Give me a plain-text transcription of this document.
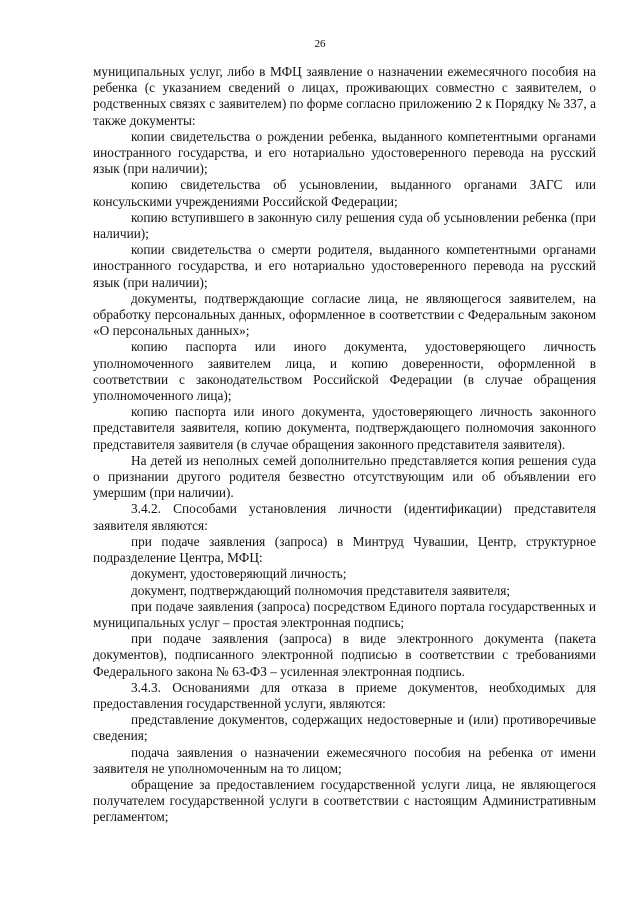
26

муниципальных услуг, либо в МФЦ заявление о назначении ежемесячного пособия на ребенка (с указанием сведений о лицах, проживающих совместно с заявителем, о родственных связях с заявителем) по форме согласно приложению 2 к Порядку № 337, а также документы:

копии свидетельства о рождении ребенка, выданного компетентными органами иностранного государства, и его нотариально удостоверенного перевода на русский язык (при наличии);

копию свидетельства об усыновлении, выданного органами ЗАГС или консульскими учреждениями Российской Федерации;

копию вступившего в законную силу решения суда об усыновлении ребенка (при наличии);

копии свидетельства о смерти родителя, выданного компетентными органами иностранного государства, и его нотариально удостоверенного перевода на русский язык (при наличии);

документы, подтверждающие согласие лица, не являющегося заявителем, на обработку персональных данных, оформленное в соответствии с Федеральным законом «О персональных данных»;

копию паспорта или иного документа, удостоверяющего личность уполномоченного заявителем лица, и копию доверенности, оформленной в соответствии с законодательством Российской Федерации (в случае обращения уполномоченного лица);

копию паспорта или иного документа, удостоверяющего личность законного представителя заявителя, копию документа, подтверждающего полномочия законного представителя заявителя (в случае обращения законного представителя заявителя).

На детей из неполных семей дополнительно представляется копия решения суда о признании другого родителя безвестно отсутствующим или об объявлении его умершим (при наличии).

3.4.2. Способами установления личности (идентификации) представителя заявителя являются:

при подаче заявления (запроса) в Минтруд Чувашии, Центр, структурное подразделение Центра, МФЦ:

документ, удостоверяющий личность;

документ, подтверждающий полномочия представителя заявителя;

при подаче заявления (запроса) посредством Единого портала государственных и муниципальных услуг – простая электронная подпись;

при подаче заявления (запроса) в виде электронного документа (пакета документов), подписанного электронной подписью в соответствии с требованиями Федерального закона № 63-ФЗ – усиленная электронная подпись.

3.4.3. Основаниями для отказа в приеме документов, необходимых для предоставления государственной услуги, являются:

представление документов, содержащих недостоверные и (или) противоречивые сведения;

подача заявления о назначении ежемесячного пособия на ребенка от имени заявителя не уполномоченным на то лицом;

обращение за предоставлением государственной услуги лица, не являющегося получателем государственной услуги в соответствии с настоящим Административным регламентом;
